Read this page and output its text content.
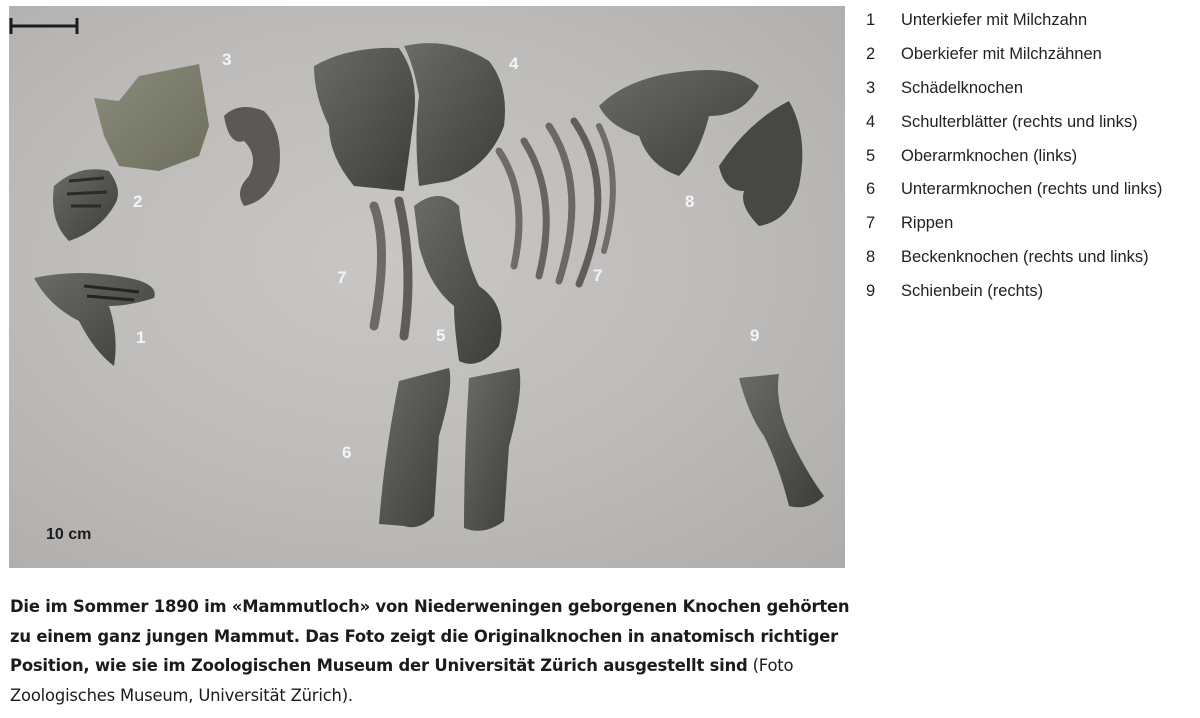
3
2
1
4
7	7
8
5	9
6
10 cm
1	Unterkiefer mit Milchzahn
2	Oberkiefer mit Milchzähnen
3	Schädelknochen
4	Schulterblätter (rechts und links)
5	Oberarmknochen (links)
6	Unterarmknochen (rechts und links)
7	Rippen
8	Beckenknochen (rechts und links)
9	Schienbein (rechts)
Die im Sommer 1890 im «Mammutloch» von Niederweningen geborgenen Knochen gehörten zu einem ganz jungen Mammut. Das Foto zeigt die Originalknochen in anatomisch richtiger Position, wie sie im Zoologischen Museum der Universität Zürich ausgestellt sind (Foto Zoologisches Museum, Universität Zürich).
